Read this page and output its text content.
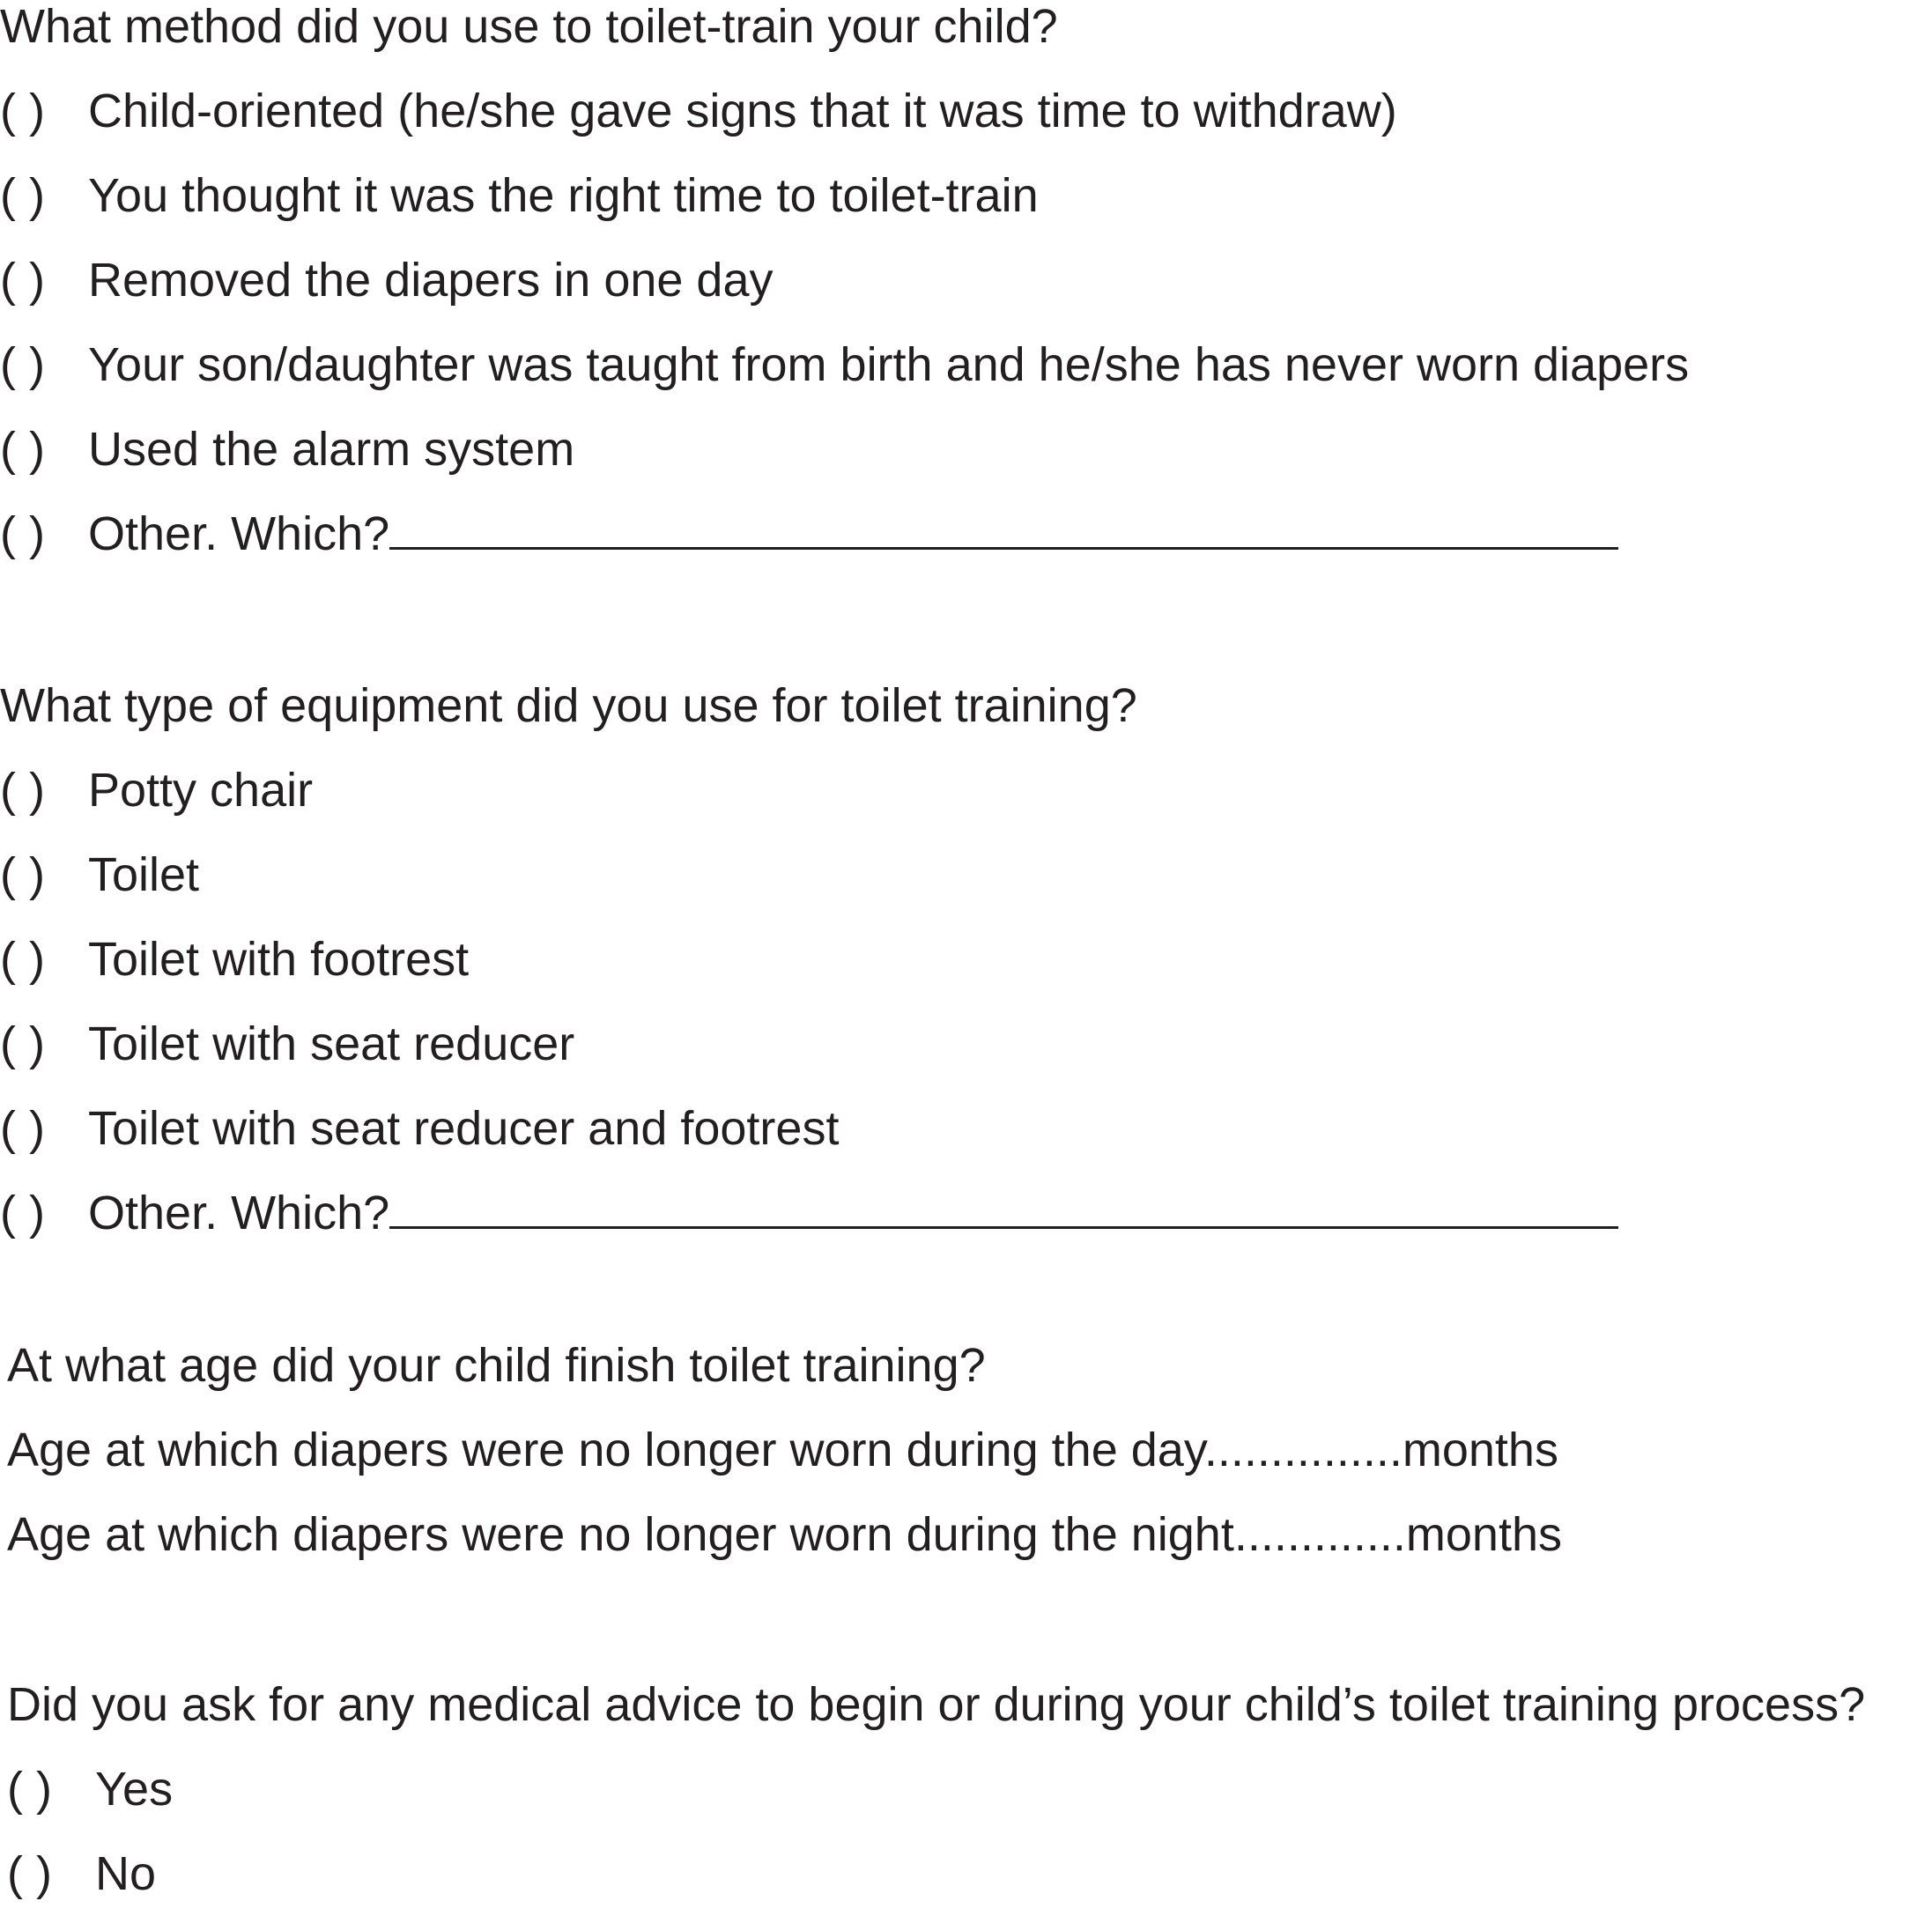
What method did you use to toilet-train your child?
( ) Child-oriented (he/she gave signs that it was time to withdraw)
( ) You thought it was the right time to toilet-train
( ) Removed the diapers in one day
( ) Your son/daughter was taught from birth and he/she has never worn diapers
( ) Used the alarm system
( ) Other. Which?
What type of equipment did you use for toilet training?
( ) Potty chair
( ) Toilet
( ) Toilet with footrest
( ) Toilet with seat reducer
( ) Toilet with seat reducer and footrest
( ) Other. Which?
At what age did your child finish toilet training?
Age at which diapers were no longer worn during the day...............months
Age at which diapers were no longer worn during the night.............months
Did you ask for any medical advice to begin or during your child’s toilet training process?
( ) Yes
( ) No
